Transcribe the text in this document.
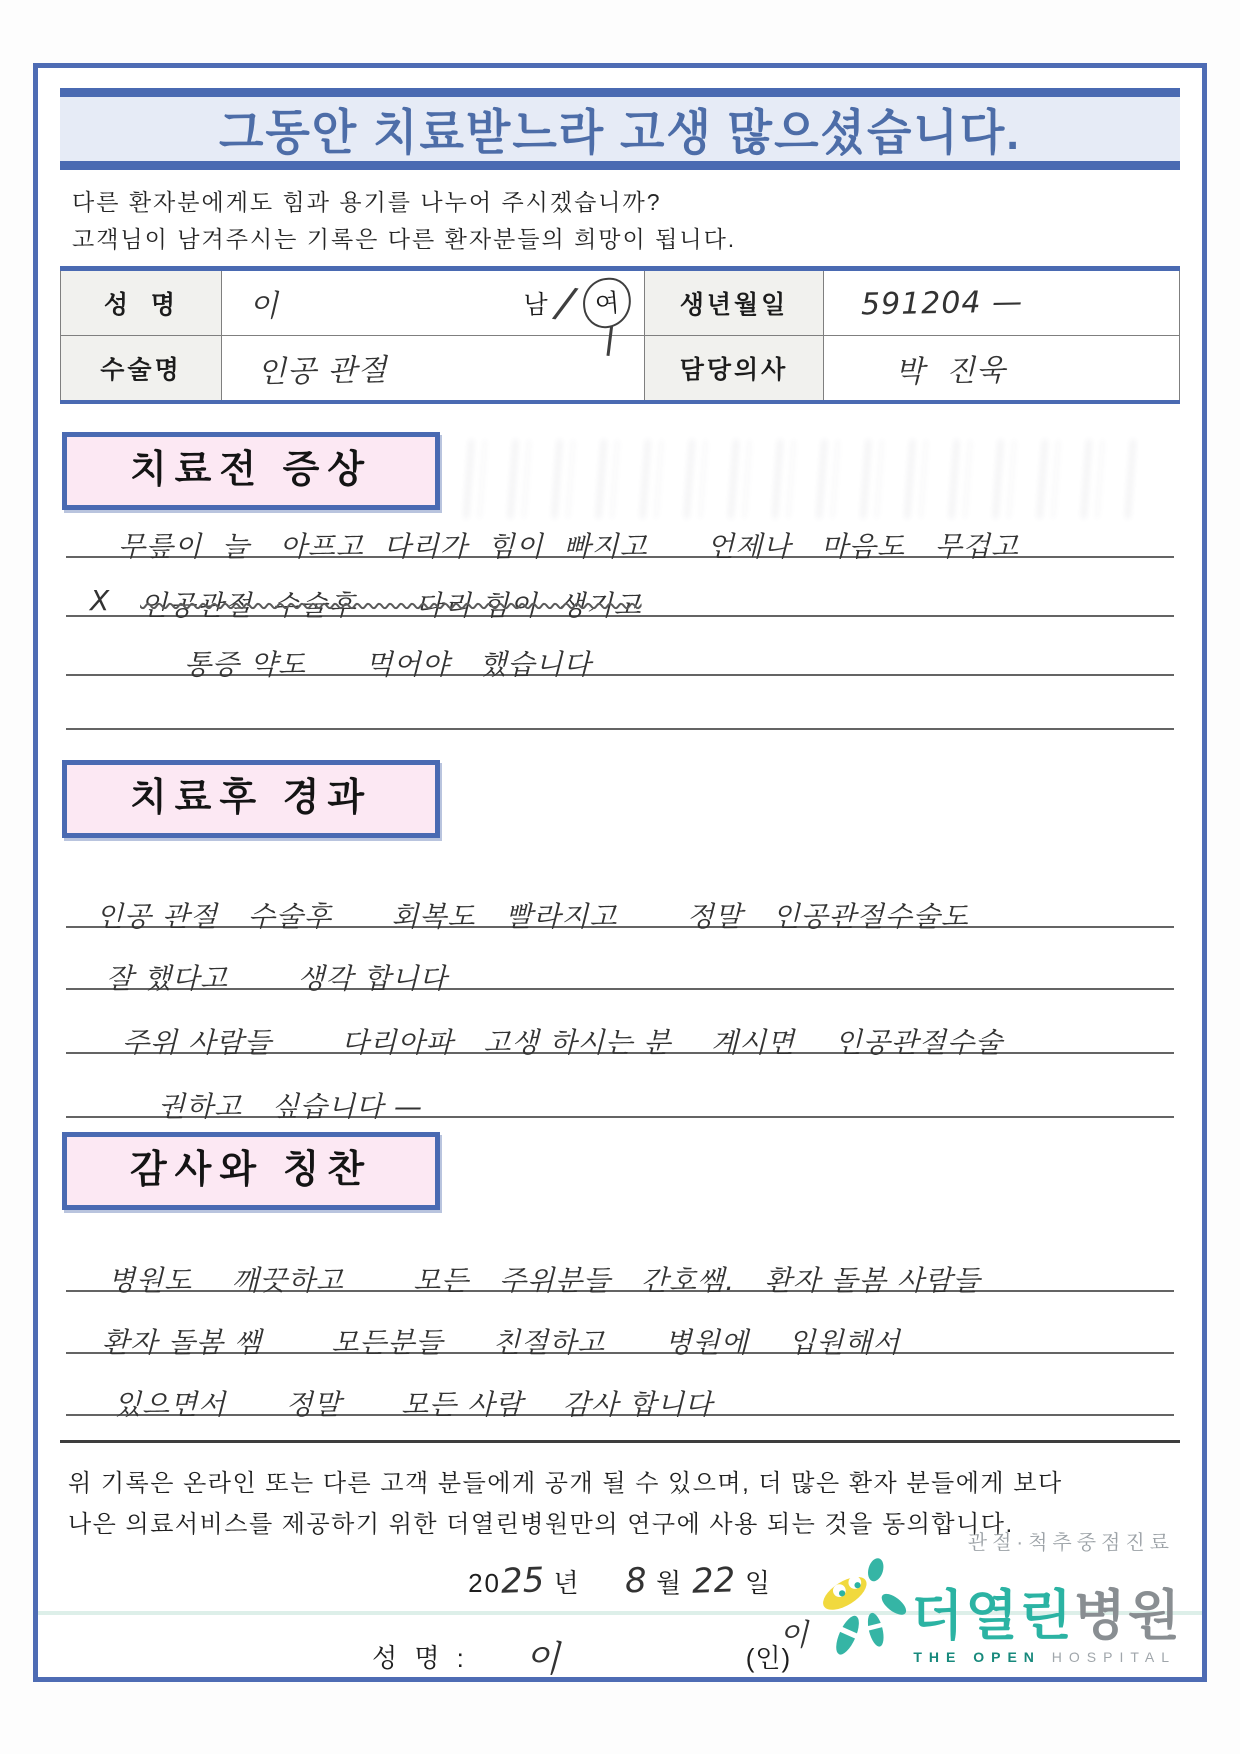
그동안 치료받느라 고생 많으셨습니다.
다른 환자분에게도 힘과 용기를 나누어 주시겠습니까?
고객님이 남겨주시는 기록은 다른 환자분들의 희망이 됩니다.
성  명	이 남 / 여	생년월일	591204 —
수술명	인공 관절	담당의사	박  진욱
치료전 증상
무릎이  늘   아프고  다리가  힘이  빠지고      언제나   마음도   무겁고
X 인공관절  수술후      다리 힘이  생기고
통증 약도      먹어야   했습니다
치료후 경과
인공 관절   수술후      회복도   빨라지고       정말   인공관절수술도
잘 했다고       생각 합니다
주위 사람들       다리아파   고생 하시는 분    계시면    인공관절수술
권하고   싶습니다 —
감사와 칭찬
병원도    깨끗하고       모든   주위분들   간호쌤.   환자 돌봄 사람들
환자 돌봄 쌤       모든분들     친절하고      병원에    입원해서
있으면서      정말      모든 사람    감사 합니다
위 기록은 온라인 또는 다른 고객 분들에게 공개 될 수 있으며, 더 많은 환자 분들에게 보다
나은 의료서비스를 제공하기 위한 더열린병원만의 연구에 사용 되는 것을 동의합니다.
2025 년 8 월 22 일
성 명 : 이	(인)
이
관절·척추중점진료
더열린병원
THE OPEN HOSPITAL
